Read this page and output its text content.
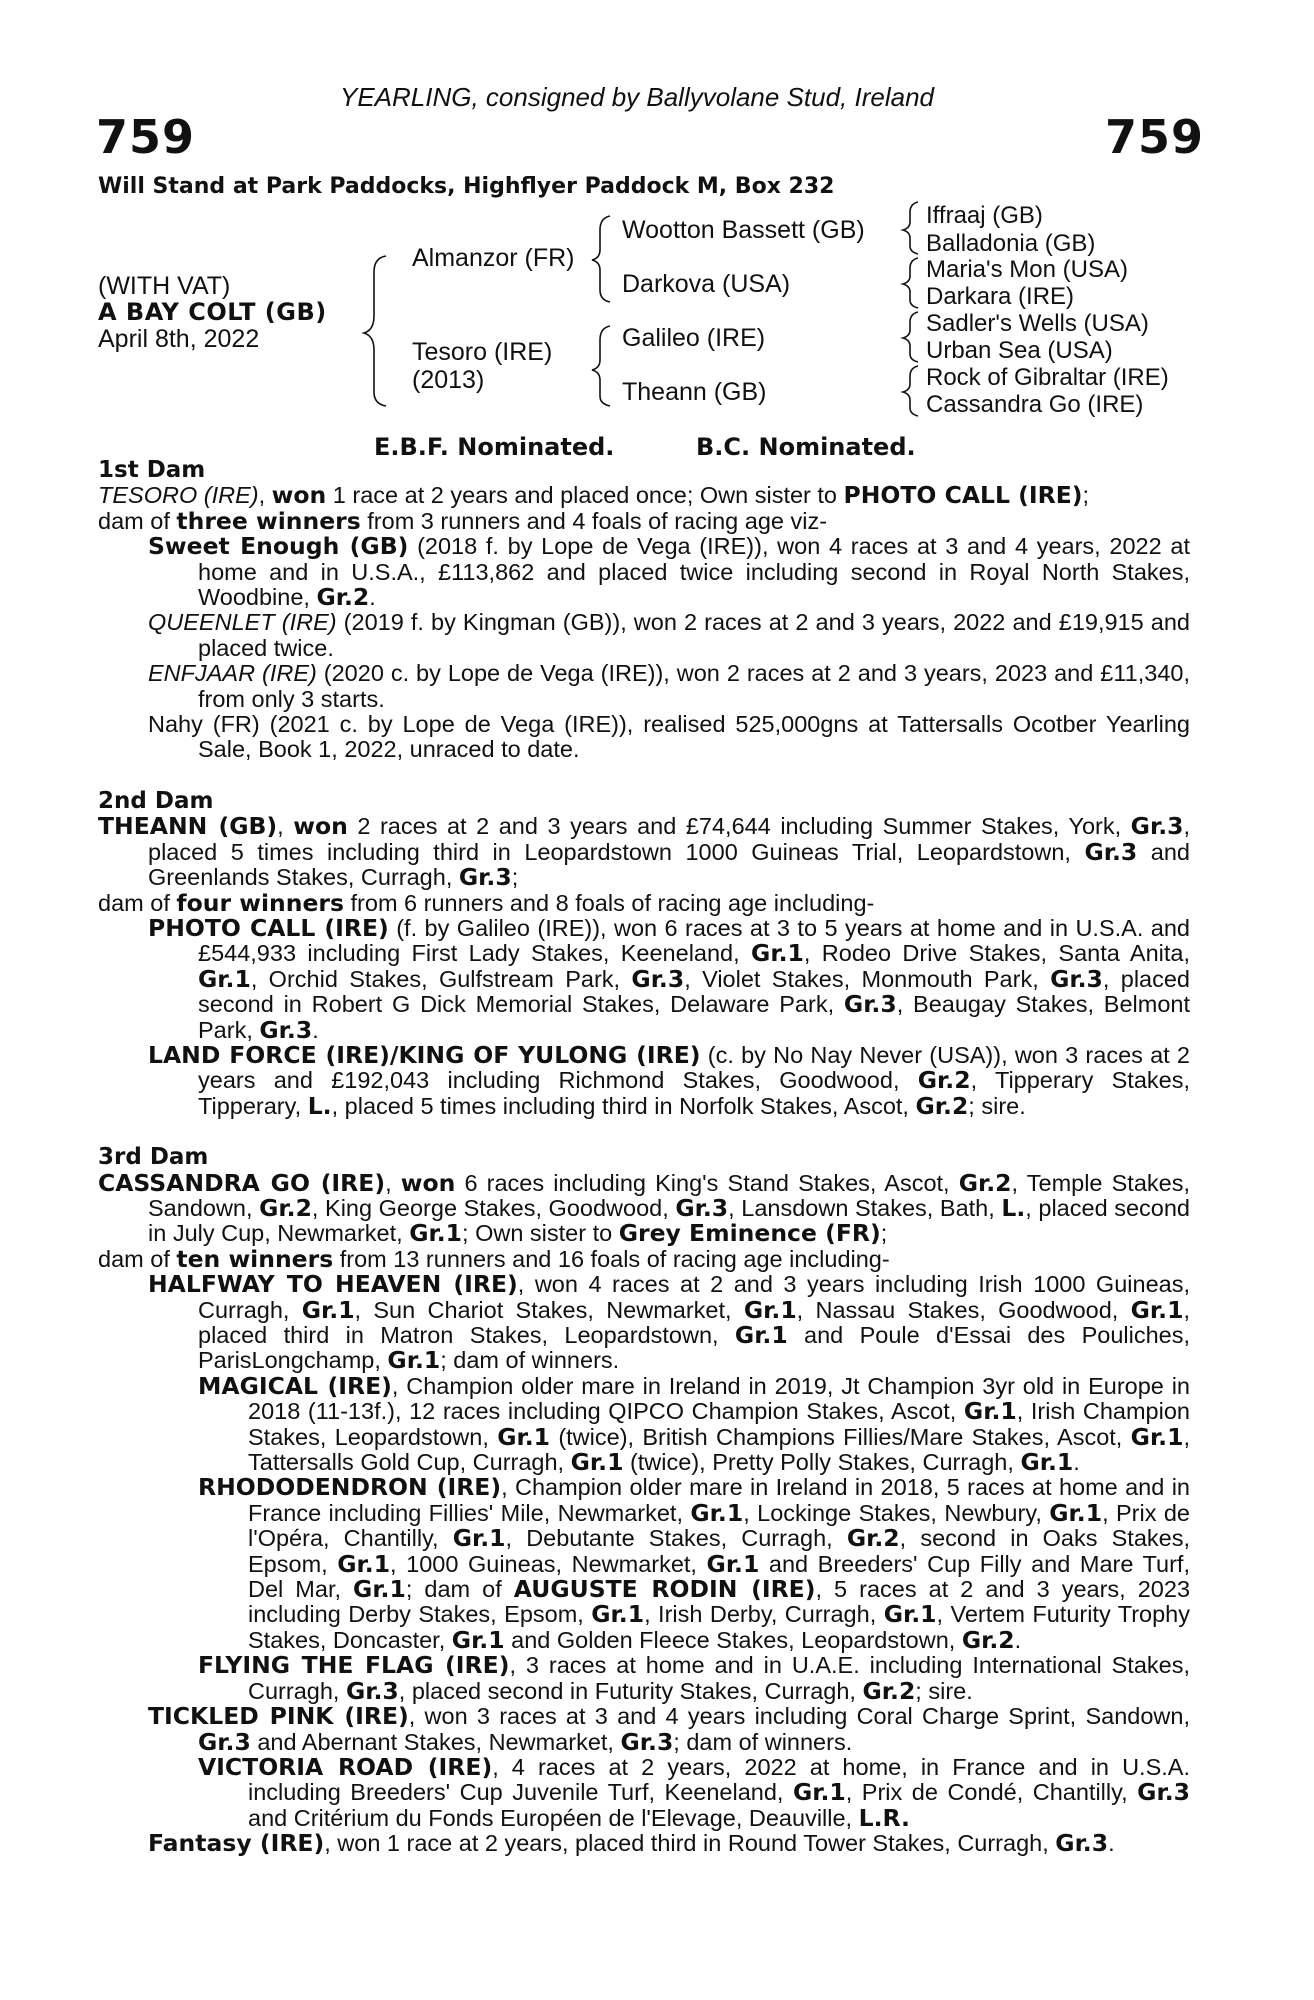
YEARLING, consigned by Ballyvolane Stud, Ireland
759	759
Will Stand at Park Paddocks, Highflyer Paddock M, Box 232
(WITH VAT)
A BAY COLT (GB)
April 8th, 2022
Almanzor (FR)
Tesoro (IRE)
(2013)
Wootton Bassett (GB)
Darkova (USA)
Galileo (IRE)
Theann (GB)
Iffraaj (GB)
Balladonia (GB)
Maria's Mon (USA)
Darkara (IRE)
Sadler's Wells (USA)
Urban Sea (USA)
Rock of Gibraltar (IRE)
Cassandra Go (IRE)
E.B.F. Nominated.	B.C. Nominated.
1st Dam

TESORO (IRE), won 1 race at 2 years and placed once; Own sister to PHOTO CALL (IRE);

dam of three winners from 3 runners and 4 foals of racing age viz-

Sweet Enough (GB) (2018 f. by Lope de Vega (IRE)), won 4 races at 3 and 4 years, 2022 at home and in U.S.A., £113,862 and placed twice including second in Royal North Stakes, Woodbine, Gr.2.

QUEENLET (IRE) (2019 f. by Kingman (GB)), won 2 races at 2 and 3 years, 2022 and £19,915 and placed twice.

ENFJAAR (IRE) (2020 c. by Lope de Vega (IRE)), won 2 races at 2 and 3 years, 2023 and £11,340, from only 3 starts.

Nahy (FR) (2021 c. by Lope de Vega (IRE)), realised 525,000gns at Tattersalls Ocotber Yearling Sale, Book 1, 2022, unraced to date.

2nd Dam

THEANN (GB), won 2 races at 2 and 3 years and £74,644 including Summer Stakes, York, Gr.3, placed 5 times including third in Leopardstown 1000 Guineas Trial, Leopardstown, Gr.3 and Greenlands Stakes, Curragh, Gr.3;

dam of four winners from 6 runners and 8 foals of racing age including-

PHOTO CALL (IRE) (f. by Galileo (IRE)), won 6 races at 3 to 5 years at home and in U.S.A. and £544,933 including First Lady Stakes, Keeneland, Gr.1, Rodeo Drive Stakes, Santa Anita, Gr.1, Orchid Stakes, Gulfstream Park, Gr.3, Violet Stakes, Monmouth Park, Gr.3, placed second in Robert G Dick Memorial Stakes, Delaware Park, Gr.3, Beaugay Stakes, Belmont Park, Gr.3.

LAND FORCE (IRE)/KING OF YULONG (IRE) (c. by No Nay Never (USA)), won 3 races at 2 years and £192,043 including Richmond Stakes, Goodwood, Gr.2, Tipperary Stakes, Tipperary, L., placed 5 times including third in Norfolk Stakes, Ascot, Gr.2; sire.

3rd Dam

CASSANDRA GO (IRE), won 6 races including King's Stand Stakes, Ascot, Gr.2, Temple Stakes, Sandown, Gr.2, King George Stakes, Goodwood, Gr.3, Lansdown Stakes, Bath, L., placed second in July Cup, Newmarket, Gr.1; Own sister to Grey Eminence (FR);

dam of ten winners from 13 runners and 16 foals of racing age including-

HALFWAY TO HEAVEN (IRE), won 4 races at 2 and 3 years including Irish 1000 Guineas, Curragh, Gr.1, Sun Chariot Stakes, Newmarket, Gr.1, Nassau Stakes, Goodwood, Gr.1, placed third in Matron Stakes, Leopardstown, Gr.1 and Poule d'Essai des Pouliches, ParisLongchamp, Gr.1; dam of winners.

MAGICAL (IRE), Champion older mare in Ireland in 2019, Jt Champion 3yr old in Europe in 2018 (11-13f.), 12 races including QIPCO Champion Stakes, Ascot, Gr.1, Irish Champion Stakes, Leopardstown, Gr.1 (twice), British Champions Fillies/Mare Stakes, Ascot, Gr.1, Tattersalls Gold Cup, Curragh, Gr.1 (twice), Pretty Polly Stakes, Curragh, Gr.1.

RHODODENDRON (IRE), Champion older mare in Ireland in 2018, 5 races at home and in France including Fillies' Mile, Newmarket, Gr.1, Lockinge Stakes, Newbury, Gr.1, Prix de l'Opéra, Chantilly, Gr.1, Debutante Stakes, Curragh, Gr.2, second in Oaks Stakes, Epsom, Gr.1, 1000 Guineas, Newmarket, Gr.1 and Breeders' Cup Filly and Mare Turf, Del Mar, Gr.1; dam of AUGUSTE RODIN (IRE), 5 races at 2 and 3 years, 2023 including Derby Stakes, Epsom, Gr.1, Irish Derby, Curragh, Gr.1, Vertem Futurity Trophy Stakes, Doncaster, Gr.1 and Golden Fleece Stakes, Leopardstown, Gr.2.

FLYING THE FLAG (IRE), 3 races at home and in U.A.E. including International Stakes, Curragh, Gr.3, placed second in Futurity Stakes, Curragh, Gr.2; sire.

TICKLED PINK (IRE), won 3 races at 3 and 4 years including Coral Charge Sprint, Sandown, Gr.3 and Abernant Stakes, Newmarket, Gr.3; dam of winners.

VICTORIA ROAD (IRE), 4 races at 2 years, 2022 at home, in France and in U.S.A. including Breeders' Cup Juvenile Turf, Keeneland, Gr.1, Prix de Condé, Chantilly, Gr.3 and Critérium du Fonds Européen de l'Elevage, Deauville, L.R.

Fantasy (IRE), won 1 race at 2 years, placed third in Round Tower Stakes, Curragh, Gr.3.
